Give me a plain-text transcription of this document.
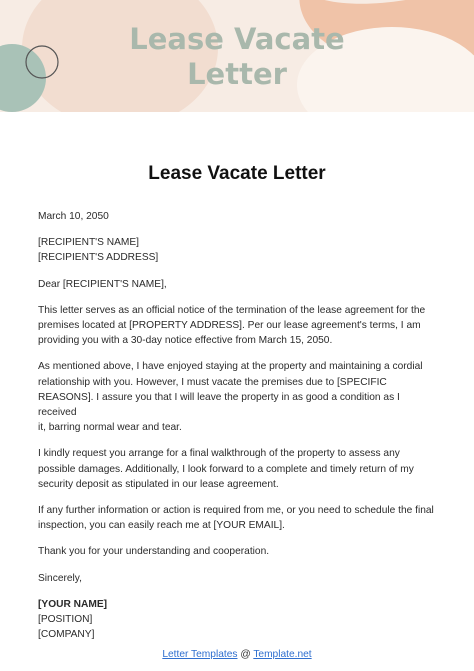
Lease Vacate
Letter
Lease Vacate Letter

March 10, 2050

[RECIPIENT'S NAME]
[RECIPIENT'S ADDRESS]

Dear [RECIPIENT'S NAME],

This letter serves as an official notice of the termination of the lease agreement for the
premises located at [PROPERTY ADDRESS]. Per our lease agreement's terms, I am
providing you with a 30-day notice effective from March 15, 2050.

As mentioned above, I have enjoyed staying at the property and maintaining a cordial
relationship with you. However, I must vacate the premises due to [SPECIFIC
REASONS]. I assure you that I will leave the property in as good a condition as I received
it, barring normal wear and tear.

I kindly request you arrange for a final walkthrough of the property to assess any
possible damages. Additionally, I look forward to a complete and timely return of my
security deposit as stipulated in our lease agreement.

If any further information or action is required from me, or you need to schedule the final
inspection, you can easily reach me at [YOUR EMAIL].

Thank you for your understanding and cooperation.

Sincerely,

[YOUR NAME]
[POSITION]
[COMPANY]

Letter Templates @ Template.net
